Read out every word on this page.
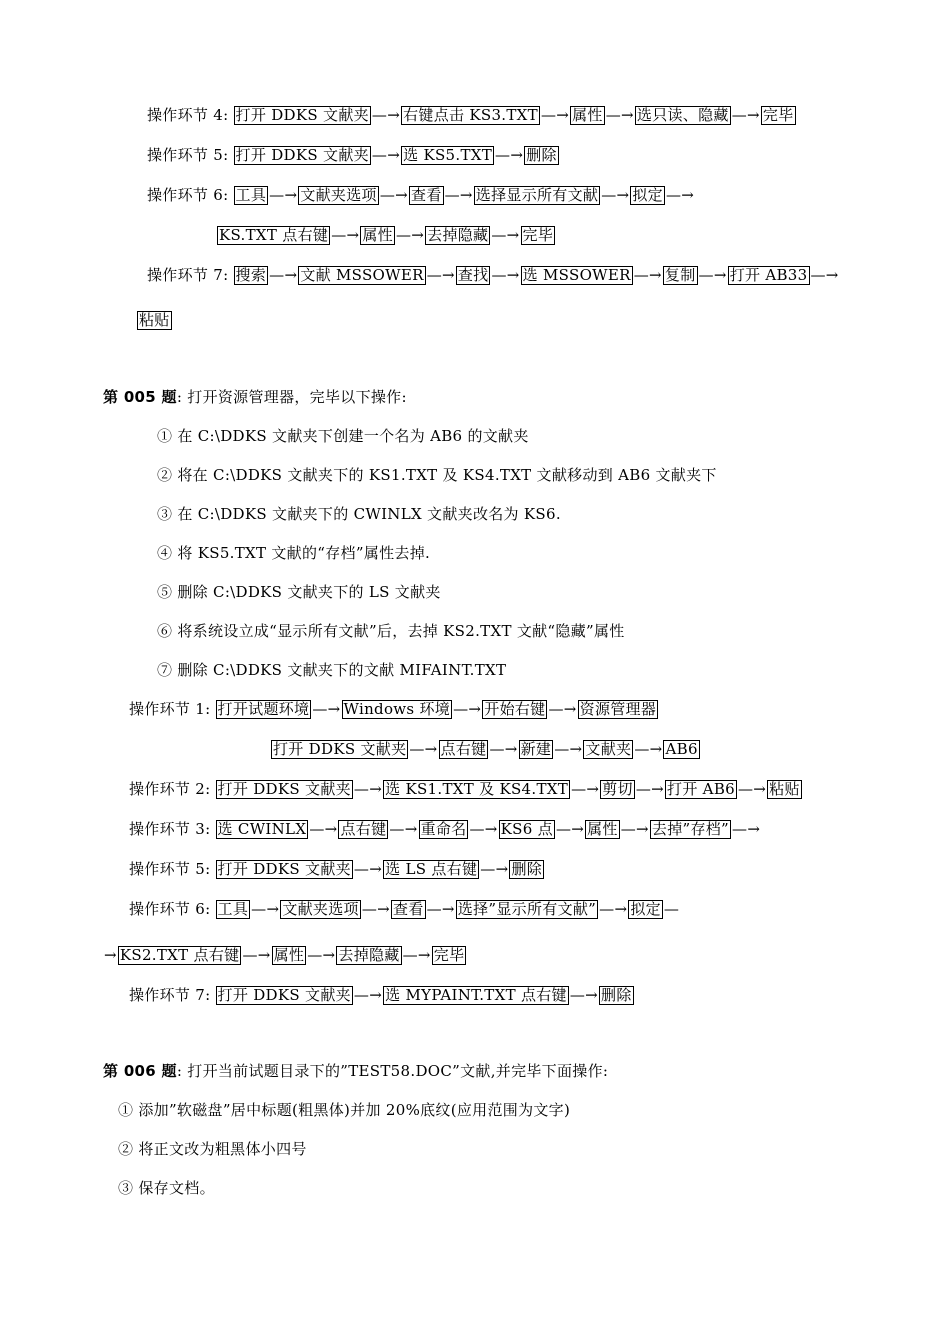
操作环节 4: 打开 DDKS 文献夹 —→ 右键点击 KS3.TXT —→ 属性 —→ 选只读、隐藏 —→ 完毕
操作环节 5: 打开 DDKS 文献夹 —→ 选 KS5.TXT —→ 删除
操作环节 6: 工具 —→ 文献夹选项 —→ 查看 —→ 选择显示所有文献 —→ 拟定 —→
KS.TXT 点右键 —→ 属性 —→ 去掉隐藏 —→ 完毕
操作环节 7: 搜索 —→ 文献 MSSOWER —→ 查找 —→ 选 MSSOWER —→ 复制 —→ 打开 AB33 —→
粘贴
第 005 题: 打开资源管理器，完毕以下操作:
① 在 C:\DDKS 文献夹下创建一个名为 AB6 的文献夹
② 将在 C:\DDKS 文献夹下的 KS1.TXT 及 KS4.TXT 文献移动到 AB6 文献夹下
③ 在 C:\DDKS 文献夹下的 CWINLX 文献夹改名为 KS6.
④ 将 KS5.TXT 文献的“存档”属性去掉.
⑤ 删除 C:\DDKS 文献夹下的 LS 文献夹
⑥ 将系统设立成“显示所有文献”后，去掉 KS2.TXT 文献“隐藏”属性
⑦ 删除 C:\DDKS 文献夹下的文献 MIFAINT.TXT
操作环节 1: 打开试题环境 —→ Windows 环境 —→ 开始右键 —→ 资源管理器
打开 DDKS 文献夹 —→ 点右键 —→ 新建 —→ 文献夹 —→ AB6
操作环节 2: 打开 DDKS 文献夹 —→ 选 KS1.TXT 及 KS4.TXT —→ 剪切 —→ 打开 AB6 —→ 粘贴
操作环节 3: 选 CWINLX —→ 点右键 —→ 重命名 —→ KS6 点 —→ 属性 —→ 去掉”存档” —→
操作环节 5: 打开 DDKS 文献夹 —→ 选 LS 点右键 —→ 删除
操作环节 6: 工具 —→ 文献夹选项 —→ 查看 —→ 选择”显示所有文献” —→ 拟定 —
→ KS2.TXT 点右键 —→ 属性 —→ 去掉隐藏 —→ 完毕
操作环节 7: 打开 DDKS 文献夹 —→ 选 MYPAINT.TXT 点右键 —→ 删除
第 006 题: 打开当前试题目录下的”TEST58.DOC”文献,并完毕下面操作:
① 添加”软磁盘”居中标题(粗黑体)并加 20%底纹(应用范围为文字)
② 将正文改为粗黑体小四号
③ 保存文档。
